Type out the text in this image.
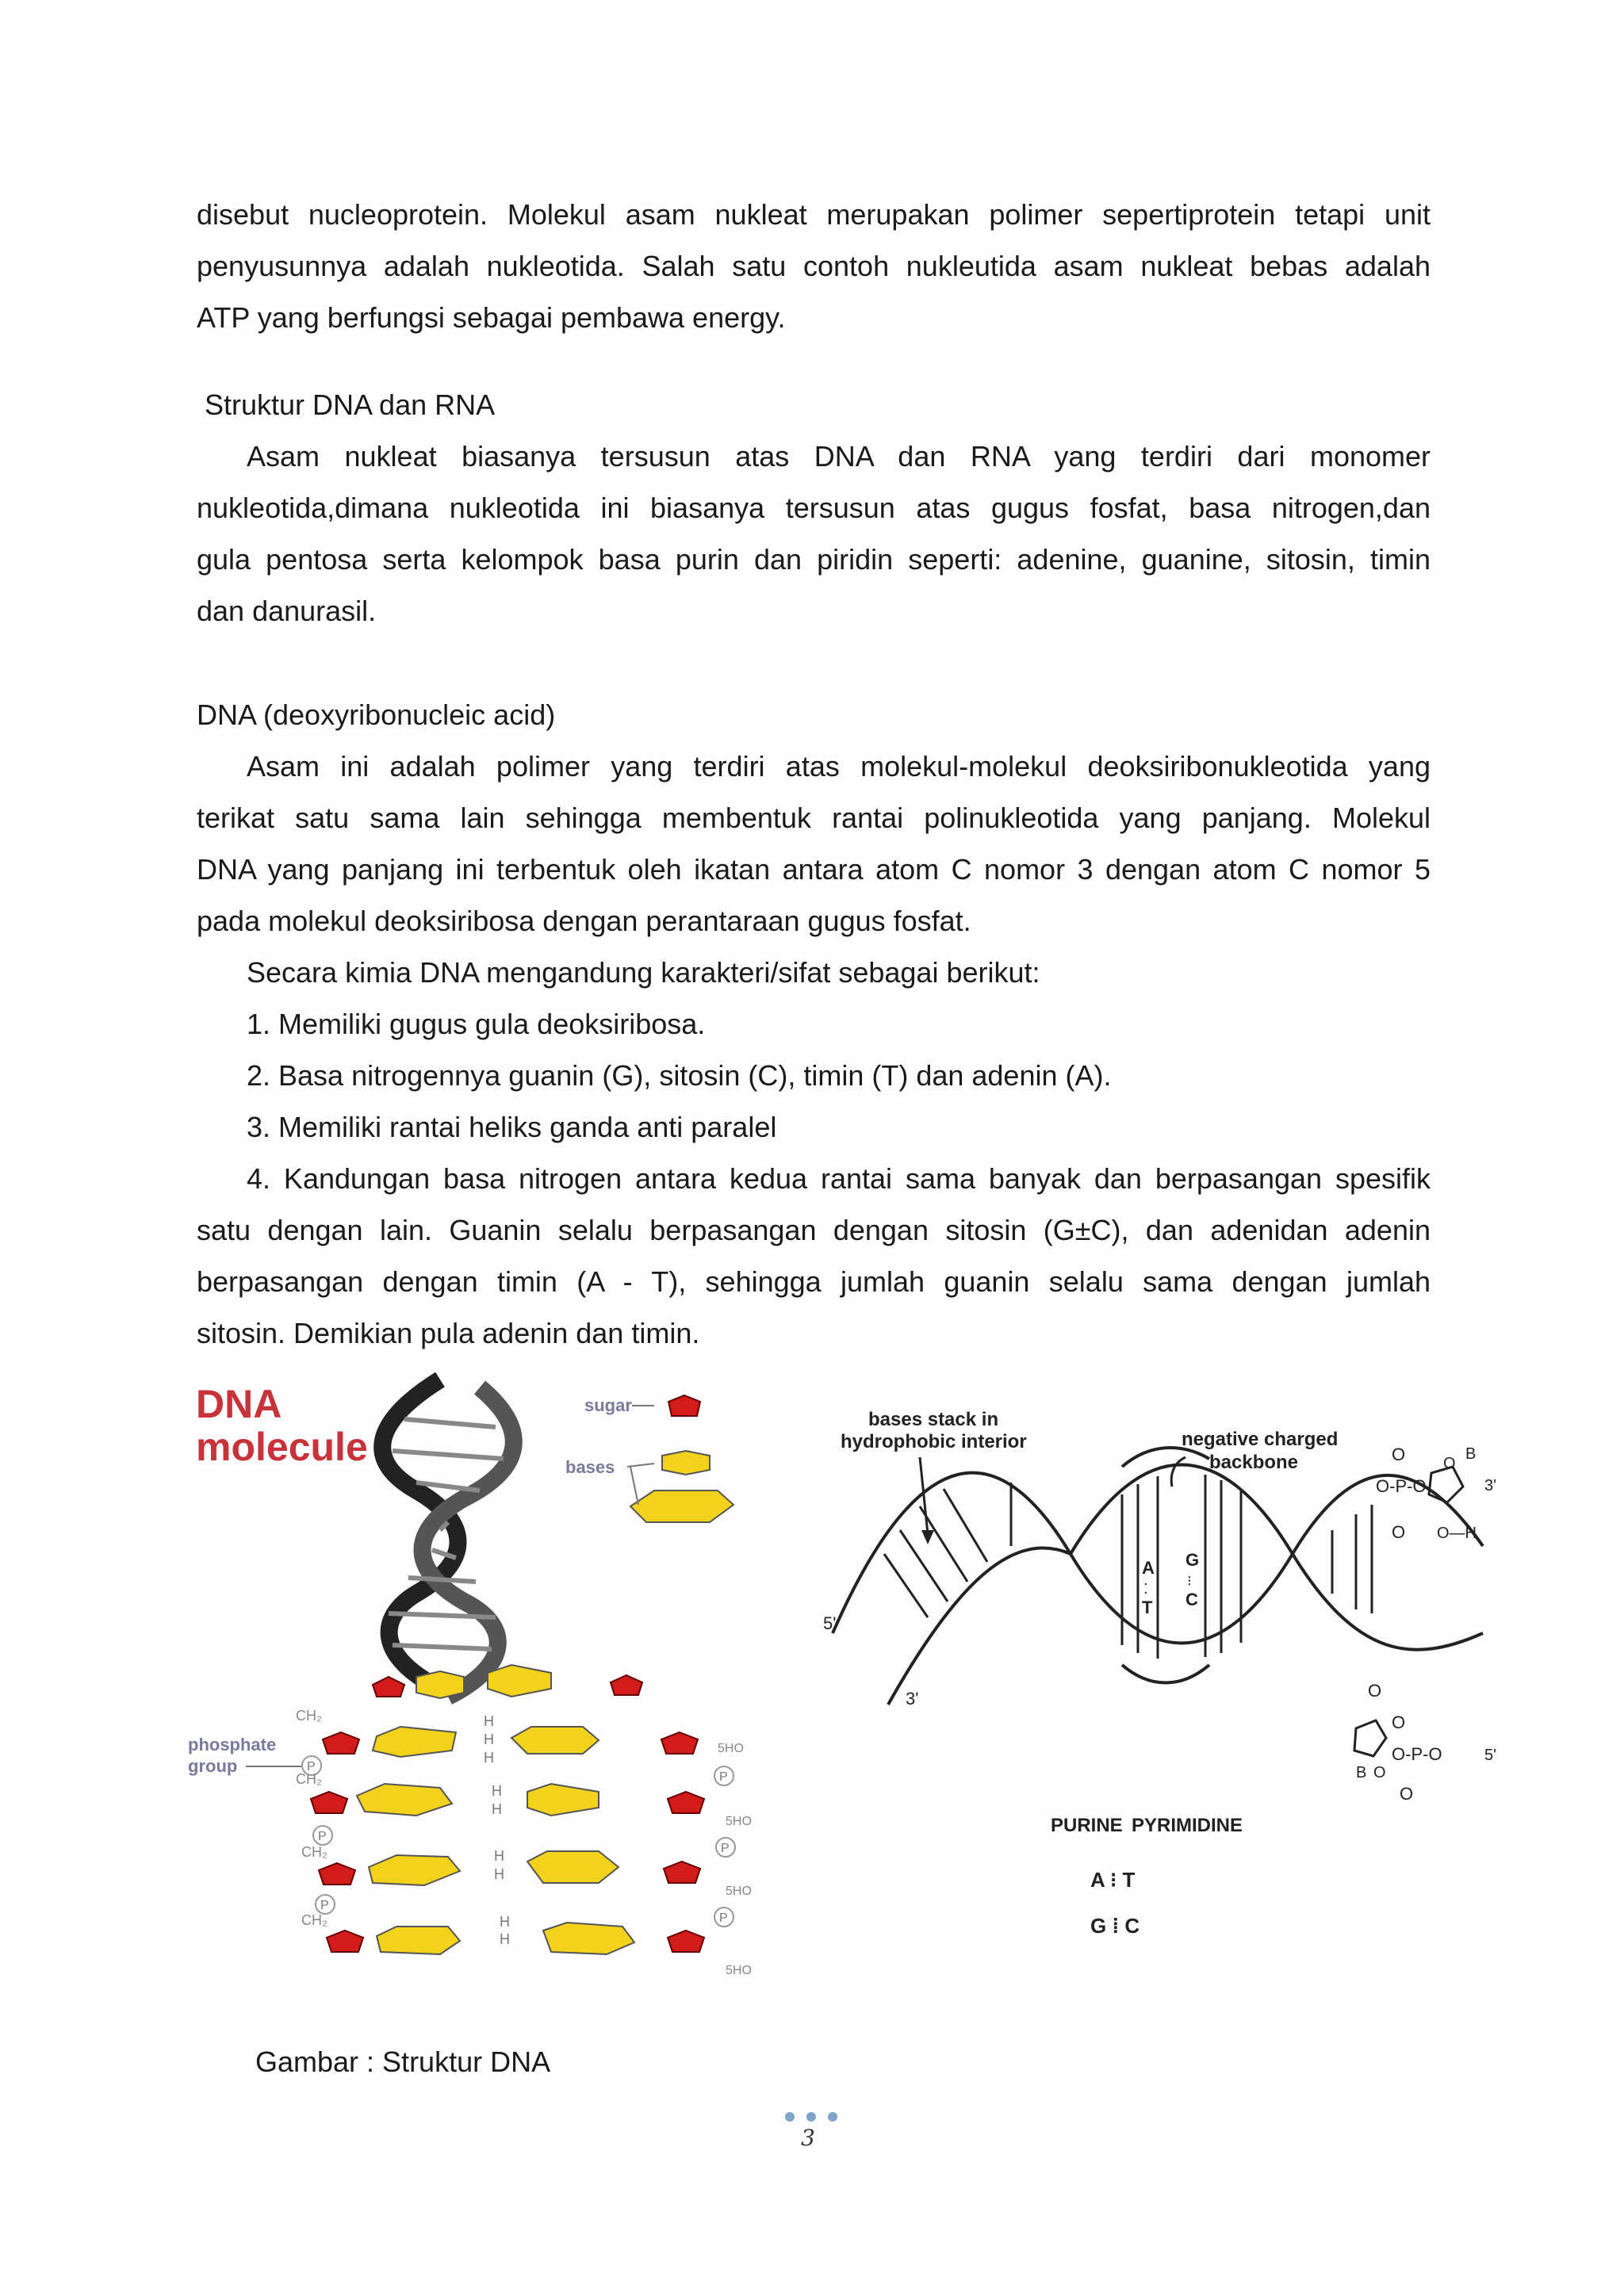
disebut nucleoprotein. Molekul asam nukleat merupakan polimer sepertiprotein tetapi unit
penyusunnya adalah nukleotida. Salah satu contoh nukleutida asam nukleat bebas adalah
ATP yang berfungsi sebagai pembawa energy.
Struktur DNA dan RNA
Asam nukleat biasanya tersusun atas DNA dan RNA yang terdiri dari monomer
nukleotida,dimana nukleotida ini biasanya tersusun atas gugus fosfat, basa nitrogen,dan
gula pentosa serta kelompok basa purin dan piridin seperti: adenine, guanine, sitosin, timin
dan danurasil.
DNA (deoxyribonucleic acid)
Asam ini adalah polimer yang terdiri atas molekul-molekul deoksiribonukleotida yang
terikat satu sama lain sehingga membentuk rantai polinukleotida yang panjang. Molekul
DNA yang panjang ini terbentuk oleh ikatan antara atom C nomor 3 dengan atom C nomor 5
pada molekul deoksiribosa dengan perantaraan gugus fosfat.
Secara kimia DNA mengandung karakteri/sifat sebagai berikut:
1. Memiliki gugus gula deoksiribosa.
2. Basa nitrogennya guanin (G), sitosin (C), timin (T) dan adenin (A).
3. Memiliki rantai heliks ganda anti paralel
4. Kandungan basa nitrogen antara kedua rantai sama banyak dan berpasangan spesifik
satu dengan lain. Guanin selalu berpasangan dengan sitosin (G±C), dan adenidan adenin
berpasangan dengan timin (A - T), sehingga jumlah guanin selalu sama dengan jumlah
sitosin. Demikian pula adenin dan timin.
DNA
molecule
sugar
bases
CH₂	H
H
H
5HO
phosphate
group	P
CH₂
H
H
P
5HO
P
CH₂	H
H
P
5HO
P
CH₂	H
H
P
5HO
bases stack in
hydrophobic interior	negative charged
backbone
A
⁚
T
G
⁝
C
5'
3'
O
O-P-O
O
O
B
3'
O—H
O
O
O-P-O
B O
5'
O
PURINE PYRIMIDINE
A ⁝ T
G ⁞ C
Gambar : Struktur DNA
3
